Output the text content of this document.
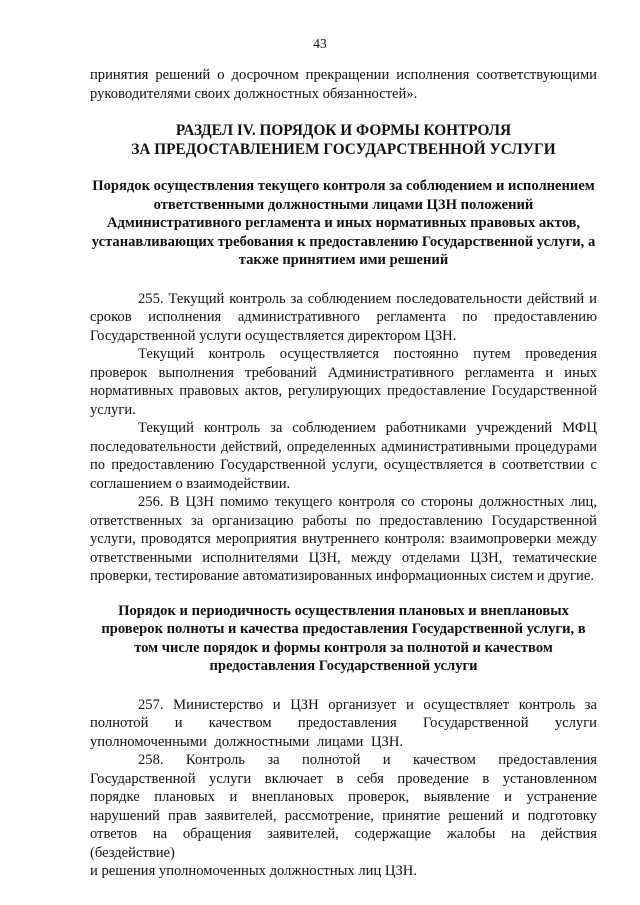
43

принятия решений о досрочном прекращении исполнения соответствующими руководителями своих должностных обязанностей».

РАЗДЕЛ IV. ПОРЯДОК И ФОРМЫ КОНТРОЛЯ
ЗА ПРЕДОСТАВЛЕНИЕМ ГОСУДАРСТВЕННОЙ УСЛУГИ

Порядок осуществления текущего контроля за соблюдением и исполнением ответственными должностными лицами ЦЗН положений Административного регламента и иных нормативных правовых актов, устанавливающих требования к предоставлению Государственной услуги, а также принятием ими решений

255. Текущий контроль за соблюдением последовательности действий и сроков исполнения административного регламента по предоставлению Государственной услуги осуществляется директором ЦЗН.

Текущий контроль осуществляется постоянно путем проведения проверок выполнения требований Административного регламента и иных нормативных правовых актов, регулирующих предоставление Государственной услуги.

Текущий контроль за соблюдением работниками учреждений МФЦ последовательности действий, определенных административными процедурами по предоставлению Государственной услуги, осуществляется в соответствии с соглашением о взаимодействии.

256. В ЦЗН помимо текущего контроля со стороны должностных лиц, ответственных за организацию работы по предоставлению Государственной услуги, проводятся мероприятия внутреннего контроля: взаимопроверки между ответственными исполнителями ЦЗН, между отделами ЦЗН, тематические проверки, тестирование автоматизированных информационных систем и другие.

Порядок и периодичность осуществления плановых и внеплановых проверок полноты и качества предоставления Государственной услуги, в том числе порядок и формы контроля за полнотой и качеством предоставления Государственной услуги

257. Министерство и ЦЗН организует и осуществляет контроль за полнотой и качеством предоставления Государственной услуги уполномоченными должностными лицами ЦЗН.

258. Контроль за полнотой и качеством предоставления Государственной услуги включает в себя проведение в установленном порядке плановых и внеплановых проверок, выявление и устранение нарушений прав заявителей, рассмотрение, принятие решений и подготовку ответов на обращения заявителей, содержащие жалобы на действия (бездействие)

и решения уполномоченных должностных лиц ЦЗН.
